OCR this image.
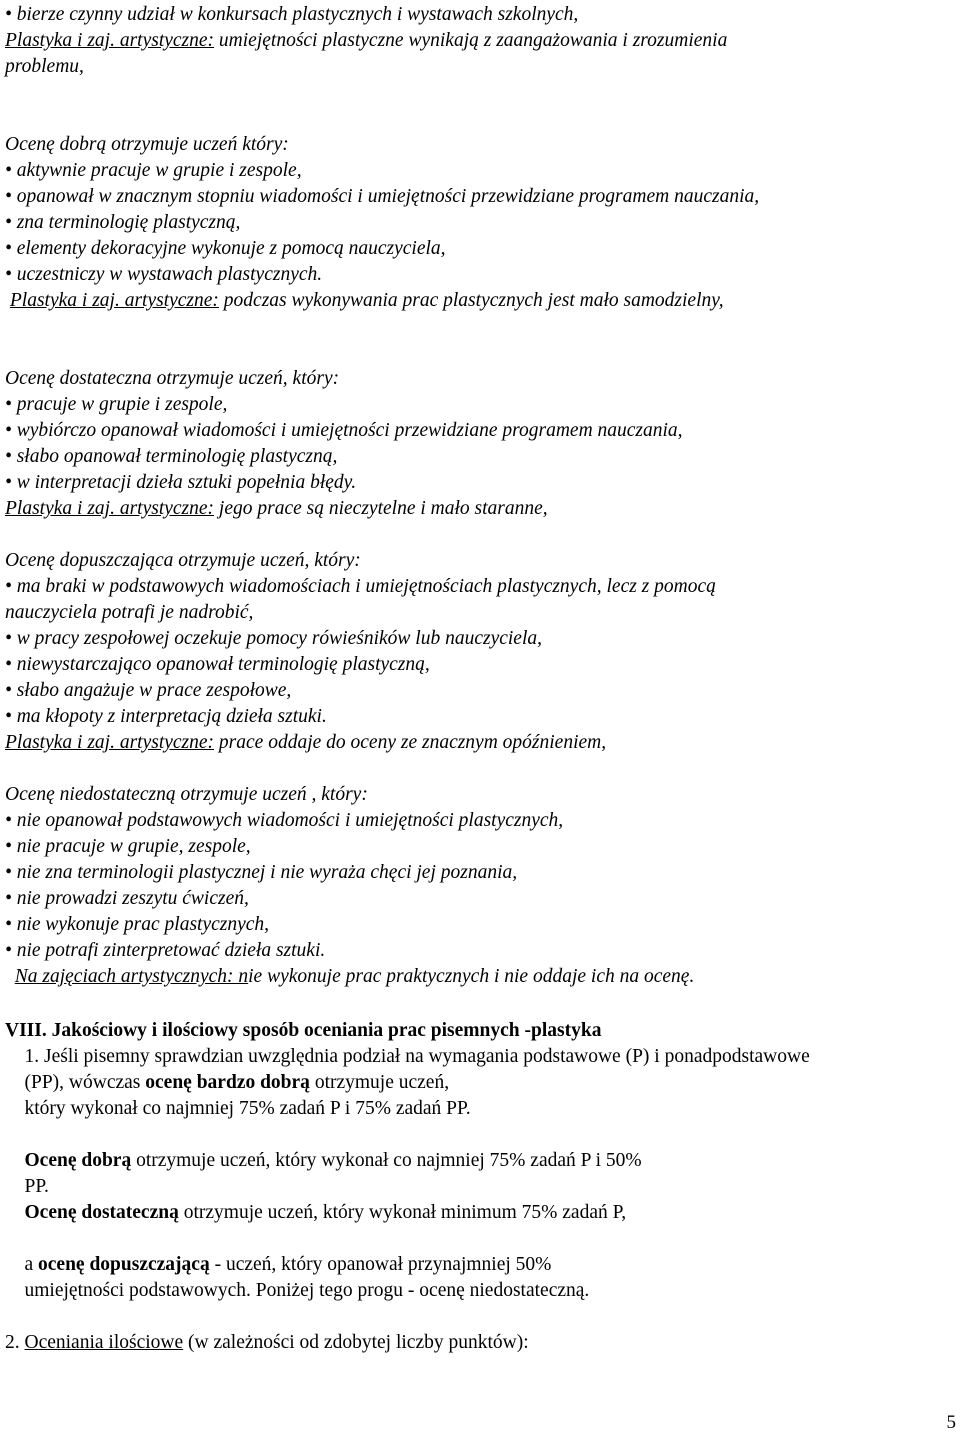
• bierze czynny udział w konkursach plastycznych i wystawach szkolnych,
Plastyka i zaj. artystyczne: umiejętności plastyczne wynikają z zaangażowania i zrozumienia
problemu,
Ocenę dobrą otrzymuje uczeń który:
• aktywnie pracuje w grupie i zespole,
• opanował w znacznym stopniu wiadomości i umiejętności przewidziane programem nauczania,
• zna terminologię plastyczną,
• elementy dekoracyjne wykonuje z pomocą nauczyciela,
• uczestniczy w wystawach plastycznych.
Plastyka i zaj. artystyczne: podczas wykonywania prac plastycznych jest mało samodzielny,
Ocenę dostateczna otrzymuje uczeń, który:
• pracuje w grupie i zespole,
• wybiórczo opanował wiadomości i umiejętności przewidziane programem nauczania,
• słabo opanował terminologię plastyczną,
• w interpretacji dzieła sztuki popełnia błędy.
Plastyka i zaj. artystyczne: jego prace są nieczytelne i mało staranne,
Ocenę dopuszczająca otrzymuje uczeń, który:
• ma braki w podstawowych wiadomościach i umiejętnościach plastycznych, lecz z pomocą
nauczyciela potrafi je nadrobić,
• w pracy zespołowej oczekuje pomocy rówieśników lub nauczyciela,
• niewystarczająco opanował terminologię plastyczną,
• słabo angażuje w prace zespołowe,
• ma kłopoty z interpretacją dzieła sztuki.
Plastyka i zaj. artystyczne: prace oddaje do oceny ze znacznym opóźnieniem,
Ocenę niedostateczną otrzymuje uczeń , który:
• nie opanował podstawowych wiadomości i umiejętności plastycznych,
• nie pracuje w grupie, zespole,
• nie zna terminologii plastycznej i nie wyraża chęci jej poznania,
• nie prowadzi zeszytu ćwiczeń,
• nie wykonuje prac plastycznych,
• nie potrafi zinterpretować dzieła sztuki.
Na zajęciach artystycznych: nie wykonuje prac praktycznych i nie oddaje ich na ocenę.
VIII. Jakościowy i ilościowy sposób oceniania prac pisemnych -plastyka
1. Jeśli pisemny sprawdzian uwzględnia podział na wymagania podstawowe (P) i ponadpodstawowe
(PP), wówczas ocenę bardzo dobrą otrzymuje uczeń,
który wykonał co najmniej 75% zadań P i 75% zadań PP.
Ocenę dobrą otrzymuje uczeń, który wykonał co najmniej 75% zadań P i 50%
PP.
Ocenę dostateczną otrzymuje uczeń, który wykonał minimum 75% zadań P,
a ocenę dopuszczającą - uczeń, który opanował przynajmniej 50%
umiejętności podstawowych. Poniżej tego progu - ocenę niedostateczną.
2. Oceniania ilościowe (w zależności od zdobytej liczby punktów):
5
